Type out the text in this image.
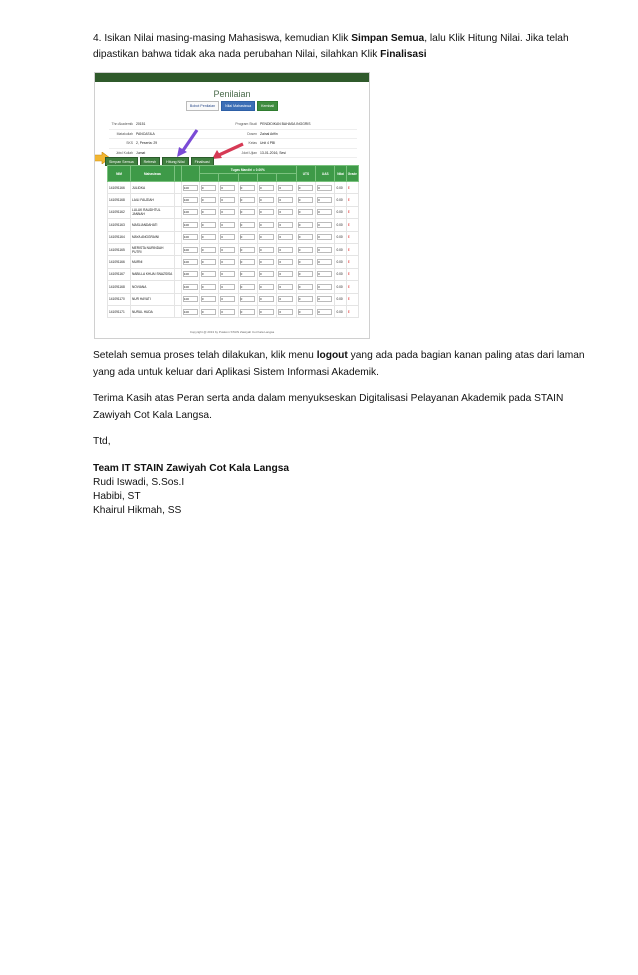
4. Isikan Nilai masing-masing Mahasiswa, kemudian Klik Simpan Semua, lalu Klik Hitung Nilai. Jika telah
dipastikan bahwa tidak aka nada perubahan Nilai, silahkan Klik Finalisasi
Penilaian
Bobot Penilaian	Nilai Mahasiswa	Kembali
Thn Akademik 20151	Program Studi PENDIDIKAN BAHASA INGGRIS
Matakuliah PANCASILA	Dosen Zainal Arifin
SKS 2, Peserta: 29	Kelas Unit 4 PBI
Jdwl Kuliah Jumat	Jdwl Ujian 13-01-2016, Sesi
Simpan Semua	Refresh	Hitung Nilai	Finalisasi
NIM	Mahasiswa			Tugas Mandiri = 0.00%					UTS	UAS	Nilai	Grade

141091166	JULIDKA		100	0	0	0	0	0	0	0	0.00	E
141091168	LAILI FAUZIAH		100	0	0	0	0	0	0	0	0.00	E
141091162	LULUK RAUDHTUL JANNAH		100	0	0	0	0	0	0	0	0.00	E
141091163	MASLIANDAHATI		100	0	0	0	0	0	0	0	0.00	E
141091164	MAYA ANGGRAINI		100	0	0	0	0	0	0	0	0.00	E
141091165	MERISTA NURINDAH PUTRI		100	0	0	0	0	0	0	0	0.00	E
141091166	MURNI		100	0	0	0	0	0	0	0	0.00	E
141091167	NABILLA KHUAI SNAZSISA		100	0	0	0	0	0	0	0	0.00	E
141091168	NOVIANA		100	0	0	0	0	0	0	0	0.00	E
141091170	NUR HAYATI		100	0	0	0	0	0	0	0	0.00	E
141091171	NURUL HUDA		100	0	0	0	0	0	0	0	0.00	E
Copyright @ 2013 by Puskom STAIN Zawiyah Cot Kala Langsa
Setelah semua proses telah dilakukan, klik menu logout yang ada pada bagian kanan paling atas dari laman
yang ada untuk keluar dari Aplikasi Sistem Informasi Akademik.
Terima Kasih atas Peran serta anda dalam menyukseskan Digitalisasi Pelayanan Akademik pada STAIN
Zawiyah Cot Kala Langsa.
Ttd,
Team IT STAIN Zawiyah Cot Kala Langsa
Rudi Iswadi, S.Sos.I
Habibi, ST
Khairul Hikmah, SS
